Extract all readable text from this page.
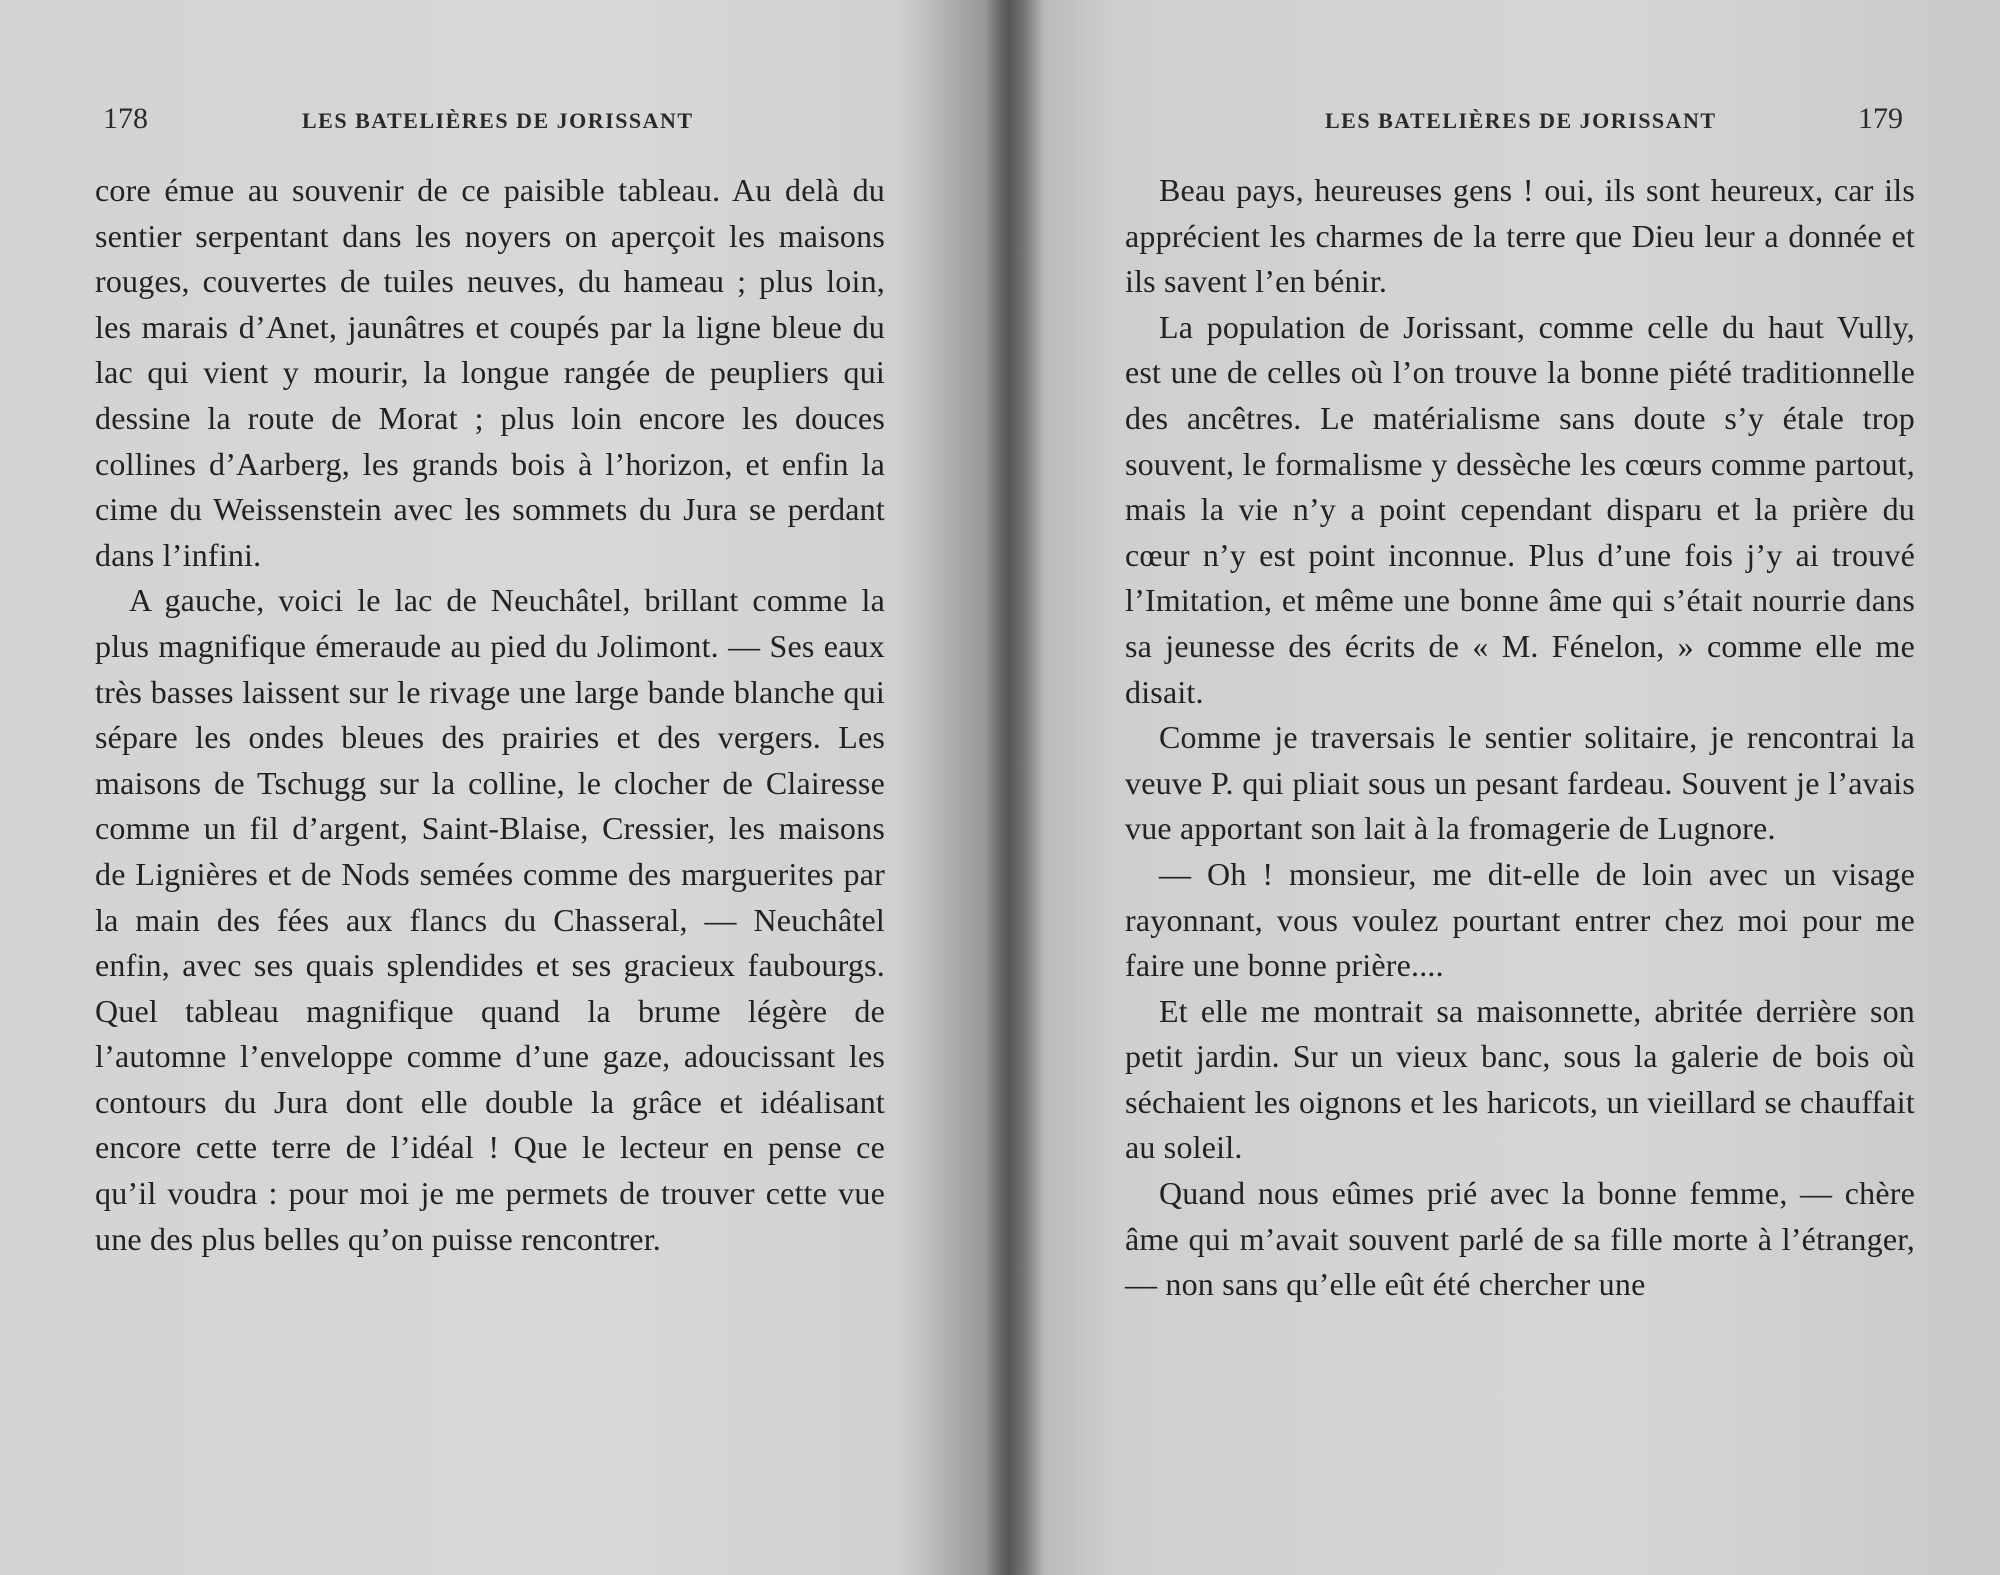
178	LES BATELIÈRES DE JORISSANT

core émue au souvenir de ce paisible tableau. Au delà du sentier serpentant dans les noyers on aperçoit les maisons rouges, couvertes de tuiles neuves, du hameau ; plus loin, les marais d’Anet, jaunâtres et coupés par la ligne bleue du lac qui vient y mourir, la longue rangée de peupliers qui dessine la route de Morat ; plus loin encore les douces collines d’Aarberg, les grands bois à l’horizon, et enfin la cime du Weissenstein avec les sommets du Jura se perdant dans l’infini.

A gauche, voici le lac de Neuchâtel, brillant comme la plus magnifique émeraude au pied du Jolimont. — Ses eaux très basses laissent sur le rivage une large bande blanche qui sépare les ondes bleues des prairies et des vergers. Les maisons de Tschugg sur la colline, le clocher de Clairesse comme un fil d’argent, Saint-Blaise, Cressier, les maisons de Lignières et de Nods semées comme des marguerites par la main des fées aux flancs du Chasseral, — Neuchâtel enfin, avec ses quais splendides et ses gracieux faubourgs. Quel tableau magnifique quand la brume légère de l’automne l’enveloppe comme d’une gaze, adoucissant les contours du Jura dont elle double la grâce et idéalisant encore cette terre de l’idéal ! Que le lecteur en pense ce qu’il voudra : pour moi je me permets de trouver cette vue une des plus belles qu’on puisse rencontrer.

LES BATELIÈRES DE JORISSANT	179

Beau pays, heureuses gens ! oui, ils sont heureux, car ils apprécient les charmes de la terre que Dieu leur a donnée et ils savent l’en bénir.

La population de Jorissant, comme celle du haut Vully, est une de celles où l’on trouve la bonne piété traditionnelle des ancêtres. Le matérialisme sans doute s’y étale trop souvent, le formalisme y dessèche les cœurs comme partout, mais la vie n’y a point cependant disparu et la prière du cœur n’y est point inconnue. Plus d’une fois j’y ai trouvé l’Imitation, et même une bonne âme qui s’était nourrie dans sa jeunesse des écrits de « M. Fénelon, » comme elle me disait.

Comme je traversais le sentier solitaire, je rencontrai la veuve P. qui pliait sous un pesant fardeau. Souvent je l’avais vue apportant son lait à la fromagerie de Lugnore.

— Oh ! monsieur, me dit-elle de loin avec un visage rayonnant, vous voulez pourtant entrer chez moi pour me faire une bonne prière....

Et elle me montrait sa maisonnette, abritée derrière son petit jardin. Sur un vieux banc, sous la galerie de bois où séchaient les oignons et les haricots, un vieillard se chauffait au soleil.

Quand nous eûmes prié avec la bonne femme, — chère âme qui m’avait souvent parlé de sa fille morte à l’étranger, — non sans qu’elle eût été chercher une
